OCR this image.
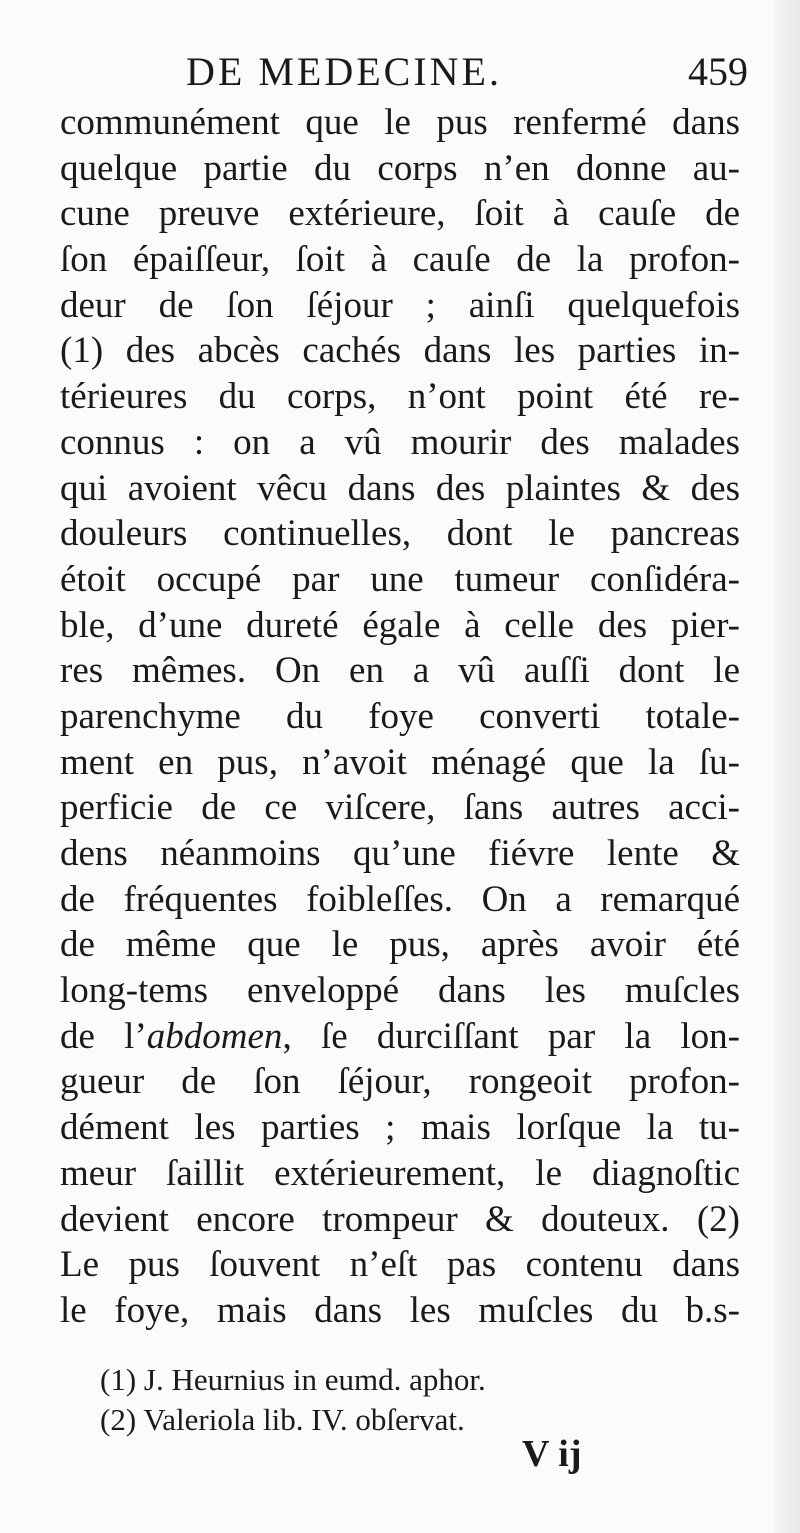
DE MEDECINE.	459
communément que le pus renfermé dans
quelque partie du corps n’en donne au-
cune preuve extérieure, ſoit à cauſe de
ſon épaiſſeur, ſoit à cauſe de la profon-
deur de ſon ſéjour ; ainſi quelquefois
(1) des abcès cachés dans les parties in-
térieures du corps, n’ont point été re-
connus : on a vû mourir des malades
qui avoient vêcu dans des plaintes & des
douleurs continuelles, dont le pancreas
étoit occupé par une tumeur conſidéra-
ble, d’une dureté égale à celle des pier-
res mêmes. On en a vû auſſi dont le
parenchyme du foye converti totale-
ment en pus, n’avoit ménagé que la ſu-
perficie de ce viſcere, ſans autres acci-
dens néanmoins qu’une fiévre lente &
de fréquentes foibleſſes. On a remarqué
de même que le pus, après avoir été
long-tems enveloppé dans les muſcles
de l’abdomen, ſe durciſſant par la lon-
gueur de ſon ſéjour, rongeoit profon-
dément les parties ; mais lorſque la tu-
meur ſaillit extérieurement, le diagnoſtic
devient encore trompeur & douteux. (2)
Le pus ſouvent n’eſt pas contenu dans
le foye, mais dans les muſcles du b.s-
(1) J. Heurnius in eumd. aphor.
(2) Valeriola lib. IV. obſervat.
V ij
